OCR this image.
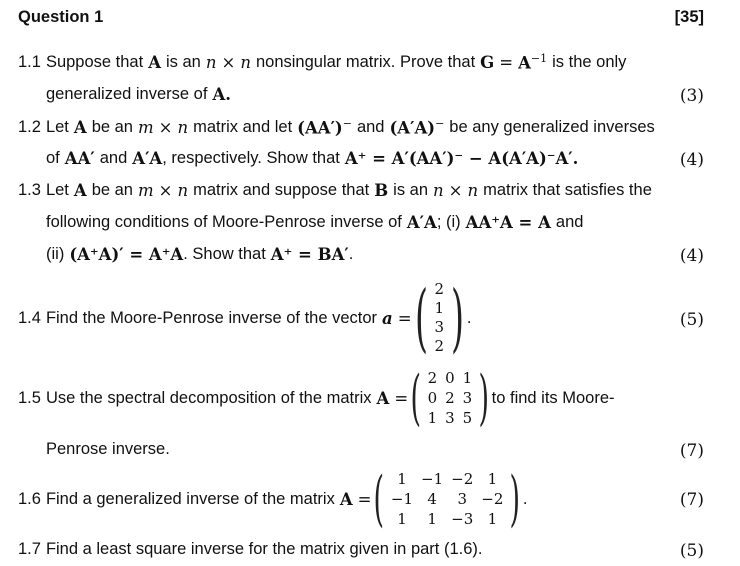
Question 1	[35]
1.1 Suppose that A is an n × n nonsingular matrix. Prove that $G = A^{-1}$ is the only
generalized inverse of A.	(3)
1.2 Let A be an m × n matrix and let (AA′)− and (A′A)− be any generalized inverses
of AA′ and A′A , respectively. Show that A⁺ = A′(AA′)⁻ − A(A′A)⁻A′.	(4)
1.3 Let A be an m × n matrix and suppose that B is an n × n matrix that satisfies the
following conditions of Moore-Penrose inverse of A′A ; (i) AA⁺A = A and
(ii) (A⁺A)′ = A⁺A . Show that A⁺ = BA′ .	(4)
1.4 Find the Moore-Penrose inverse of the vector a = ( 2
1
3
2 ) .	(5)
1.5 Use the spectral decomposition of the matrix A = ( 2 0 1
0 2 3
1 3 5 ) to find its Moore-
Penrose inverse.	(7)
1.6 Find a generalized inverse of the matrix A = ( 1 −1 −2 1
−1 4	3 −2
1	1 −3 1 ) .	(7)
1.7 Find a least square inverse for the matrix given in part (1.6).	(5)
